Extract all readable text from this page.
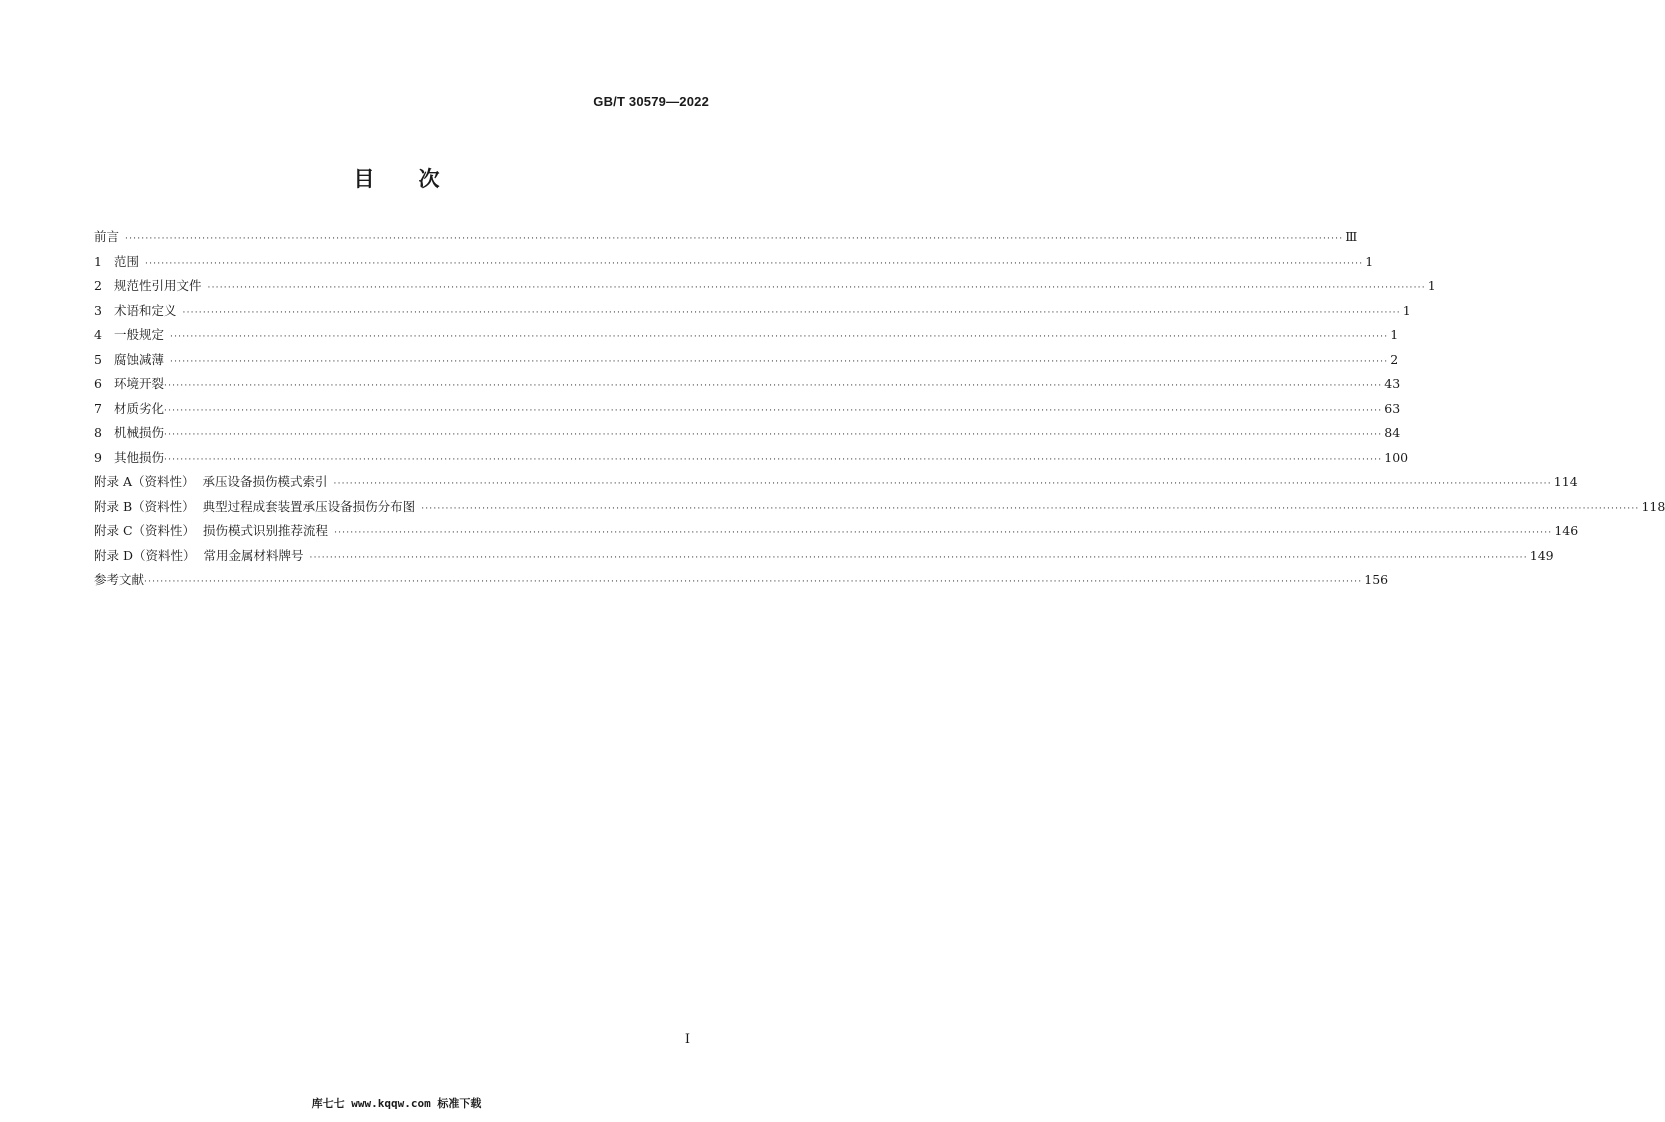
GB/T 30579—2022
目 次
前言 ············································································································································································································································································································ Ⅲ
1 范围 ············································································································································································································································································································ 1
2 规范性引用文件 ············································································································································································································································································································ 1
3 术语和定义 ············································································································································································································································································································ 1
4 一般规定 ············································································································································································································································································································ 1
5 腐蚀减薄 ············································································································································································································································································································ 2
6 环境开裂 ············································································································································································································································································································ 43
7 材质劣化 ············································································································································································································································································································ 63
8 机械损伤 ············································································································································································································································································································ 84
9 其他损伤 ············································································································································································································································································································ 100
附录 A（资料性） 承压设备损伤模式索引 ············································································································································································································································································································ 114
附录 B（资料性） 典型过程成套装置承压设备损伤分布图 ············································································································································································································································································································ 118
附录 C（资料性） 损伤模式识别推荐流程 ············································································································································································································································································································ 146
附录 D（资料性） 常用金属材料牌号 ············································································································································································································································································································ 149
参考文献 ············································································································································································································································································································ 156
I
库七七 www.kqqw.com 标准下载
